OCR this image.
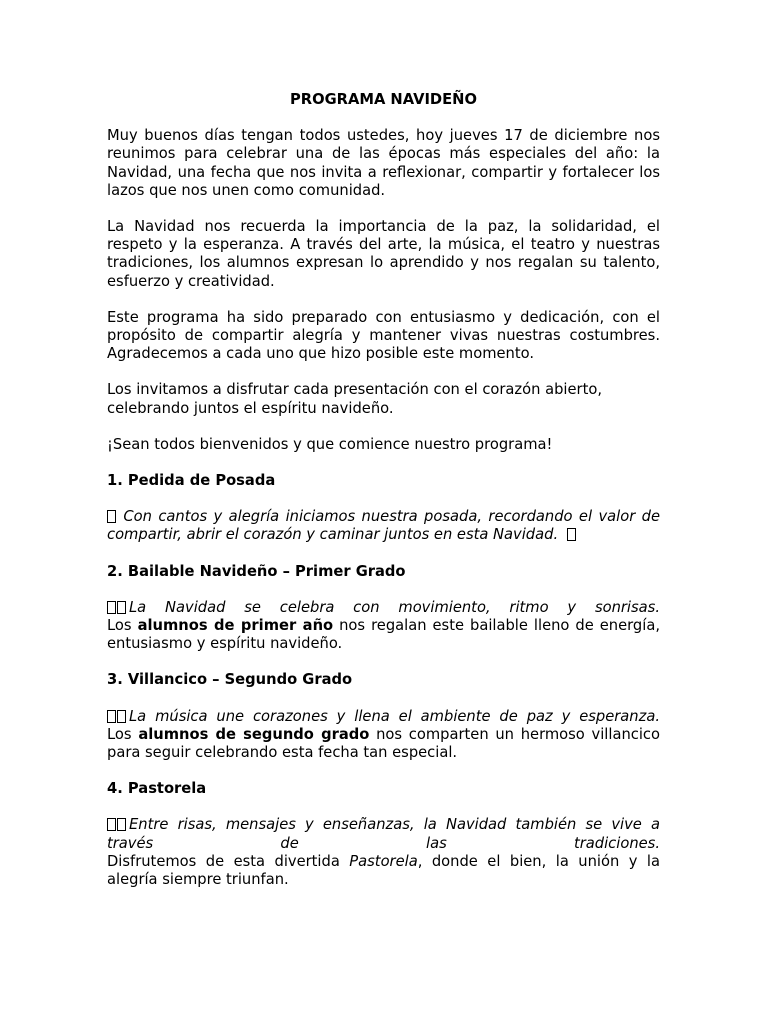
PROGRAMA NAVIDEÑO

Muy buenos días tengan todos ustedes, hoy jueves 17 de diciembre nos reunimos para celebrar una de las épocas más especiales del año: la Navidad, una fecha que nos invita a reflexionar, compartir y fortalecer los lazos que nos unen como comunidad.

La Navidad nos recuerda la importancia de la paz, la solidaridad, el respeto y la esperanza. A través del arte, la música, el teatro y nuestras tradiciones, los alumnos expresan lo aprendido y nos regalan su talento, esfuerzo y creatividad.

Este programa ha sido preparado con entusiasmo y dedicación, con el propósito de compartir alegría y mantener vivas nuestras costumbres. Agradecemos a cada uno que hizo posible este momento.

Los invitamos a disfrutar cada presentación con el corazón abierto, celebrando juntos el espíritu navideño.

¡Sean todos bienvenidos y que comience nuestro programa!

1. Pedida de Posada

Con cantos y alegría iniciamos nuestra posada, recordando el valor de compartir, abrir el corazón y caminar juntos en esta Navidad.

2. Bailable Navideño – Primer Grado

La Navidad se celebra con movimiento, ritmo y sonrisas.
Los alumnos de primer año nos regalan este bailable lleno de energía, entusiasmo y espíritu navideño.

3. Villancico – Segundo Grado

La música une corazones y llena el ambiente de paz y esperanza.
Los alumnos de segundo grado nos comparten un hermoso villancico para seguir celebrando esta fecha tan especial.

4. Pastorela

Entre risas, mensajes y enseñanzas, la Navidad también se vive a través de las tradiciones.
Disfrutemos de esta divertida Pastorela, donde el bien, la unión y la alegría siempre triunfan.
